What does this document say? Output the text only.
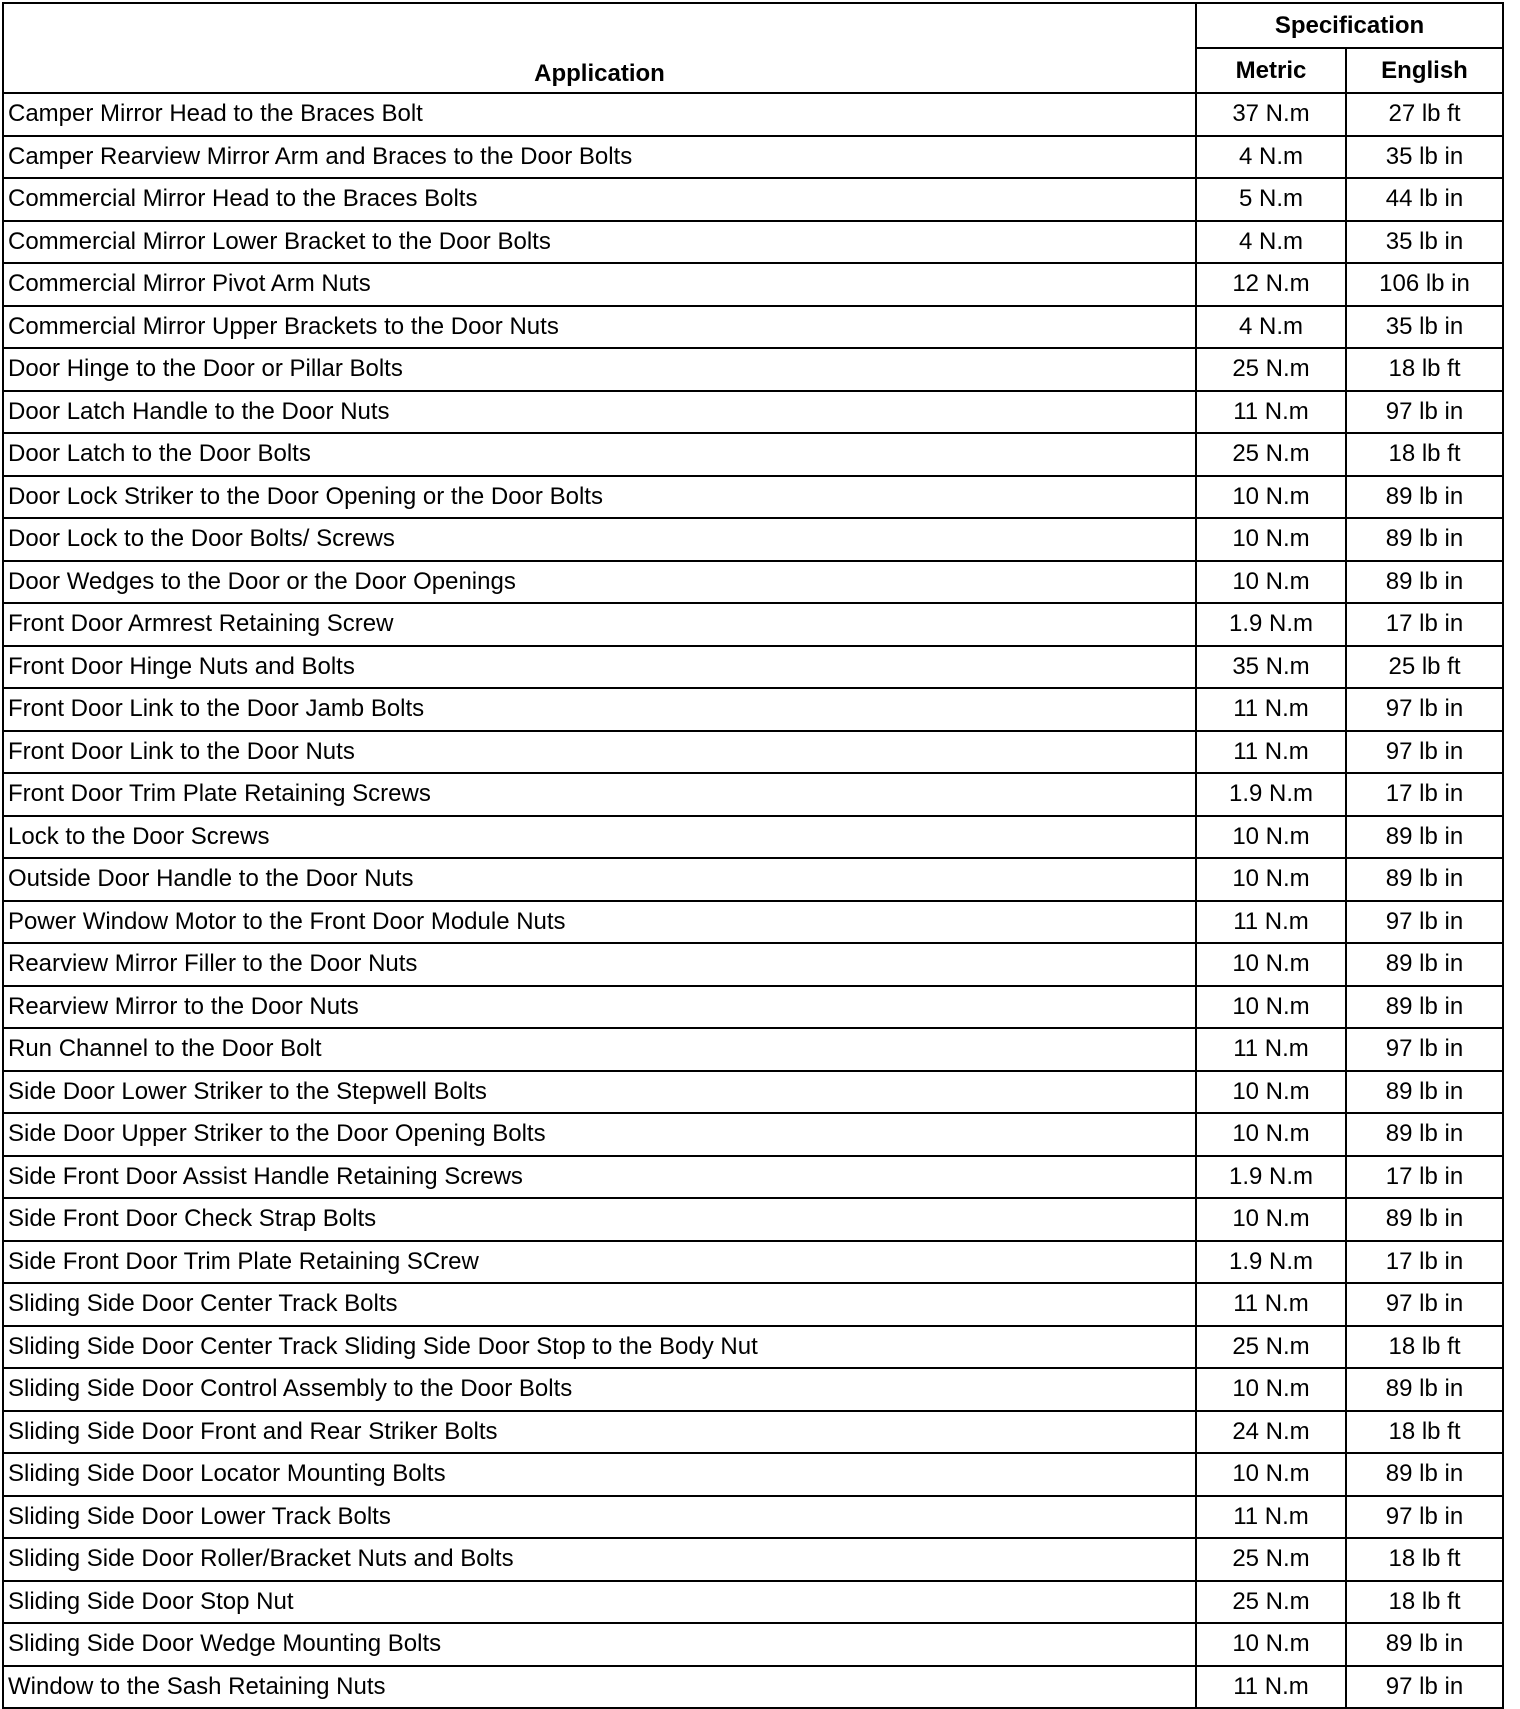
Application	Specification	
	Metric	English
Camper Mirror Head to the Braces Bolt	37 N.m	27 lb ft
Camper Rearview Mirror Arm and Braces to the Door Bolts	4 N.m	35 lb in
Commercial Mirror Head to the Braces Bolts	5 N.m	44 lb in
Commercial Mirror Lower Bracket to the Door Bolts	4 N.m	35 lb in
Commercial Mirror Pivot Arm Nuts	12 N.m	106 lb in
Commercial Mirror Upper Brackets to the Door Nuts	4 N.m	35 lb in
Door Hinge to the Door or Pillar Bolts	25 N.m	18 lb ft
Door Latch Handle to the Door Nuts	11 N.m	97 lb in
Door Latch to the Door Bolts	25 N.m	18 lb ft
Door Lock Striker to the Door Opening or the Door Bolts	10 N.m	89 lb in
Door Lock to the Door Bolts/ Screws	10 N.m	89 lb in
Door Wedges to the Door or the Door Openings	10 N.m	89 lb in
Front Door Armrest Retaining Screw	1.9 N.m	17 lb in
Front Door Hinge Nuts and Bolts	35 N.m	25 lb ft
Front Door Link to the Door Jamb Bolts	11 N.m	97 lb in
Front Door Link to the Door Nuts	11 N.m	97 lb in
Front Door Trim Plate Retaining Screws	1.9 N.m	17 lb in
Lock to the Door Screws	10 N.m	89 lb in
Outside Door Handle to the Door Nuts	10 N.m	89 lb in
Power Window Motor to the Front Door Module Nuts	11 N.m	97 lb in
Rearview Mirror Filler to the Door Nuts	10 N.m	89 lb in
Rearview Mirror to the Door Nuts	10 N.m	89 lb in
Run Channel to the Door Bolt	11 N.m	97 lb in
Side Door Lower Striker to the Stepwell Bolts	10 N.m	89 lb in
Side Door Upper Striker to the Door Opening Bolts	10 N.m	89 lb in
Side Front Door Assist Handle Retaining Screws	1.9 N.m	17 lb in
Side Front Door Check Strap Bolts	10 N.m	89 lb in
Side Front Door Trim Plate Retaining SCrew	1.9 N.m	17 lb in
Sliding Side Door Center Track Bolts	11 N.m	97 lb in
Sliding Side Door Center Track Sliding Side Door Stop to the Body Nut	25 N.m	18 lb ft
Sliding Side Door Control Assembly to the Door Bolts	10 N.m	89 lb in
Sliding Side Door Front and Rear Striker Bolts	24 N.m	18 lb ft
Sliding Side Door Locator Mounting Bolts	10 N.m	89 lb in
Sliding Side Door Lower Track Bolts	11 N.m	97 lb in
Sliding Side Door Roller/Bracket Nuts and Bolts	25 N.m	18 lb ft
Sliding Side Door Stop Nut	25 N.m	18 lb ft
Sliding Side Door Wedge Mounting Bolts	10 N.m	89 lb in
Window to the Sash Retaining Nuts	11 N.m	97 lb in
